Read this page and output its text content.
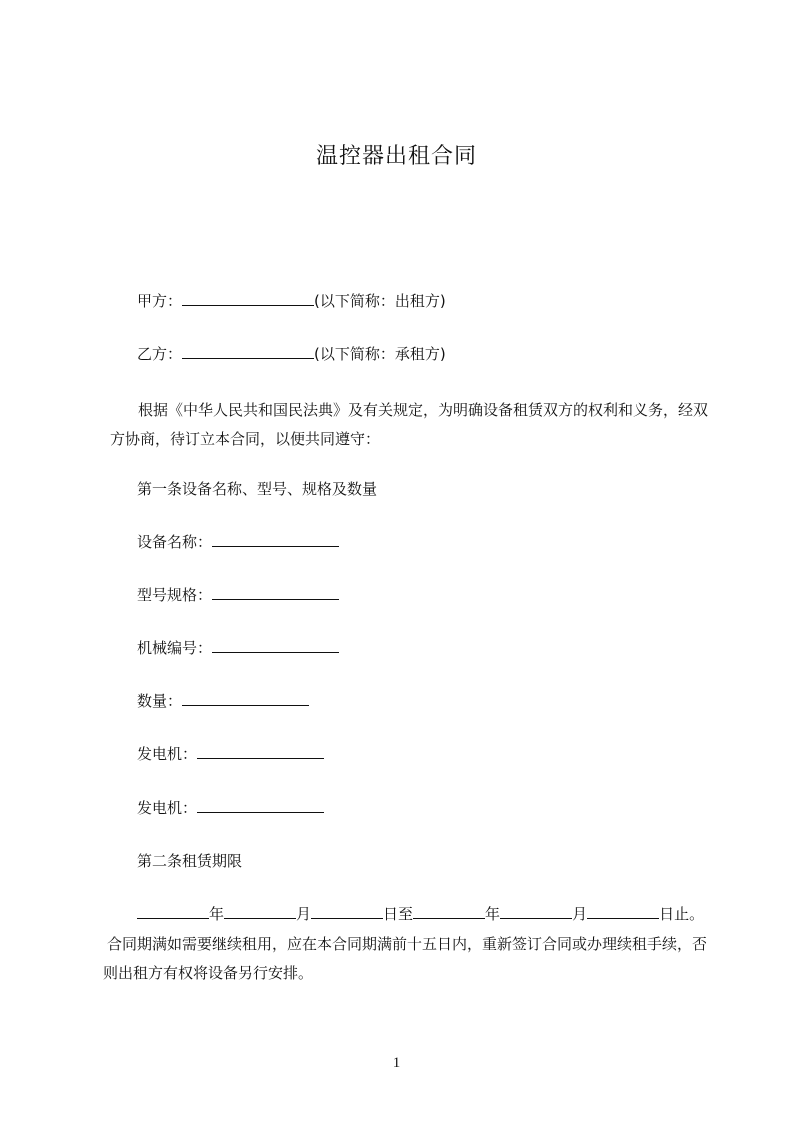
温控器出租合同
甲方：	(以下简称：出租方)
乙方：	(以下简称：承租方)
根据《中华人民共和国民法典》及有关规定，为明确设备租赁双方的权利和义务，经双方协商，待订立本合同，以便共同遵守：
第一条设备名称、型号、规格及数量
设备名称：
型号规格：
机械编号：
数量：
发电机：
发电机：
第二条租赁期限
年	月	日至	年	月	日止。
合同期满如需要继续租用，应在本合同期满前十五日内，重新签订合同或办理续租手续，否则出租方有权将设备另行安排。
1
